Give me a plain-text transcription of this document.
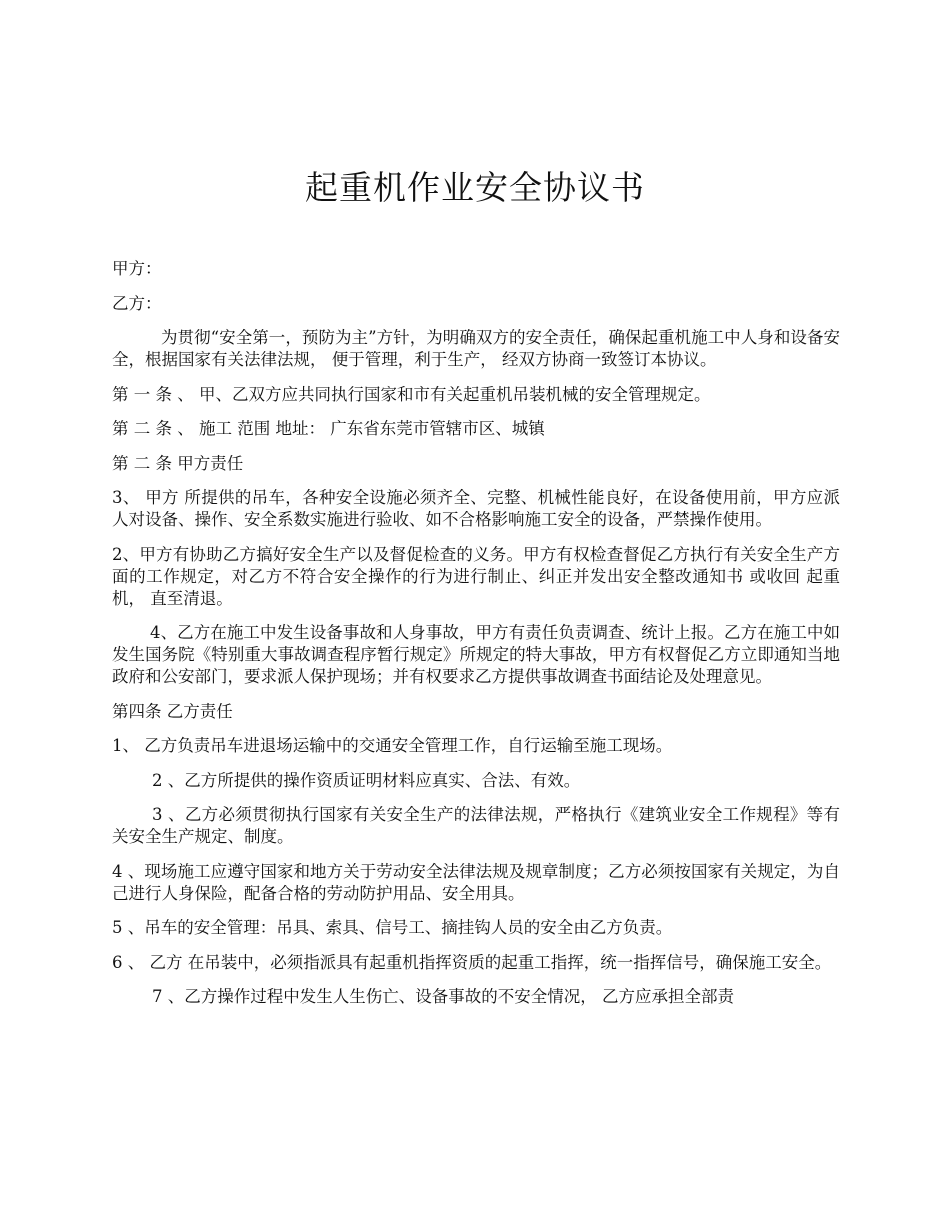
起重机作业安全协议书

甲方：

乙方：

为贯彻“安全第一，预防为主”方针，为明确双方的安全责任，确保起重机施工中人身和设备安全，根据国家有关法律法规， 便于管理，利于生产， 经双方协商一致签订本协议。

第 一 条 、 甲、乙双方应共同执行国家和市有关起重机吊装机械的安全管理规定。

第 二 条 、 施工 范围 地址： 广东省东莞市管辖市区、城镇

第 二 条 甲方责任

3、 甲方 所提供的吊车，各种安全设施必须齐全、完整、机械性能良好，在设备使用前，甲方应派人对设备、操作、安全系数实施进行验收、如不合格影响施工安全的设备，严禁操作使用。

2、甲方有协助乙方搞好安全生产以及督促检查的义务。甲方有权检查督促乙方执行有关安全生产方面的工作规定，对乙方不符合安全操作的行为进行制止、纠正并发出安全整改通知书 或收回 起重机， 直至清退。

4、乙方在施工中发生设备事故和人身事故，甲方有责任负责调查、统计上报。乙方在施工中如发生国务院《特别重大事故调查程序暂行规定》所规定的特大事故，甲方有权督促乙方立即通知当地政府和公安部门，要求派人保护现场；并有权要求乙方提供事故调查书面结论及处理意见。

第四条 乙方责任

1、 乙方负责吊车进退场运输中的交通安全管理工作，自行运输至施工现场。

2 、乙方所提供的操作资质证明材料应真实、合法、有效。

3 、乙方必须贯彻执行国家有关安全生产的法律法规，严格执行《建筑业安全工作规程》等有关安全生产规定、制度。

4 、现场施工应遵守国家和地方关于劳动安全法律法规及规章制度；乙方必须按国家有关规定，为自己进行人身保险，配备合格的劳动防护用品、安全用具。

5 、吊车的安全管理：吊具、索具、信号工、摘挂钩人员的安全由乙方负责。

6 、 乙方 在吊装中，必须指派具有起重机指挥资质的起重工指挥，统一指挥信号，确保施工安全。

7 、乙方操作过程中发生人生伤亡、设备事故的不安全情况， 乙方应承担全部责
